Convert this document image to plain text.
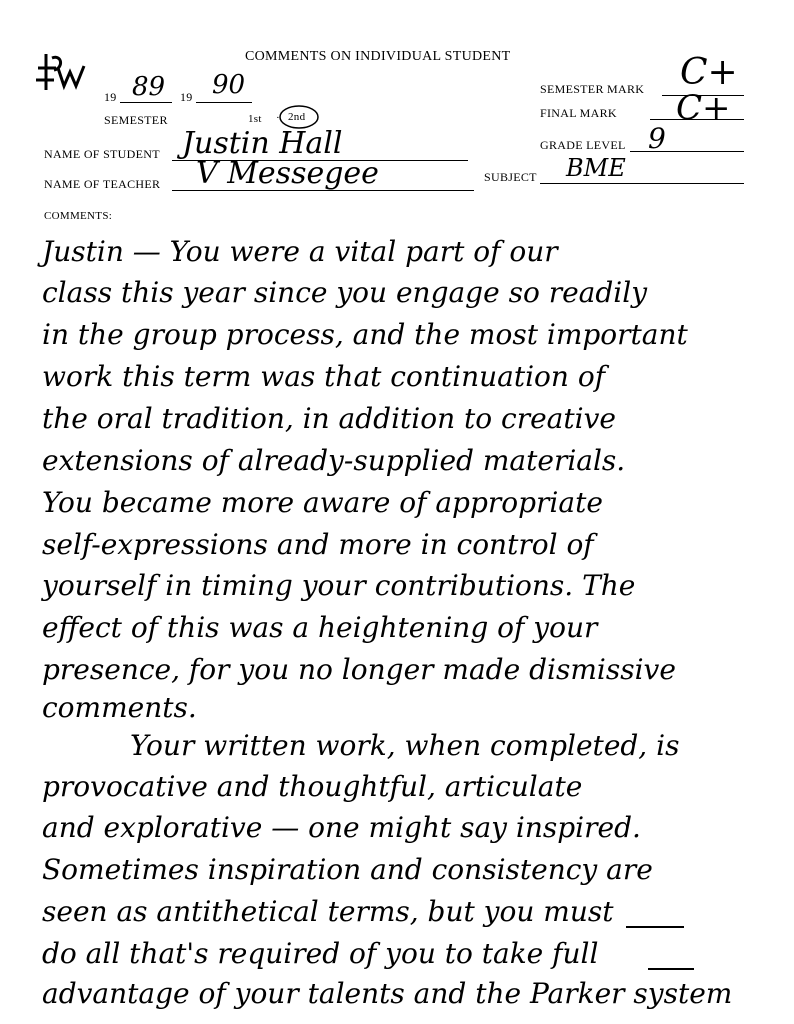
COMMENTS ON INDIVIDUAL STUDENT
19 89 19 90
SEMESTER	1st · 2nd
NAME OF STUDENT Justin Hall
NAME OF TEACHER V Messegee	SUBJECT BME
SEMESTER MARK C+
FINAL MARK C+
GRADE LEVEL 9
COMMENTS:
Justin — You were a vital part of our
class this year since you engage so readily
in the group process, and the most important
work this term was that continuation of
the oral tradition, in addition to creative
extensions of already-supplied materials.
You became more aware of appropriate
self-expressions and more in control of
yourself in timing your contributions. The
effect of this was a heightening of your
presence, for you no longer made dismissive
comments.
Your written work, when completed, is
provocative and thoughtful, articulate
and explorative — one might say inspired.
Sometimes inspiration and consistency are
seen as antithetical terms, but you must
do all that's required of you to take full
advantage of your talents and the Parker system
